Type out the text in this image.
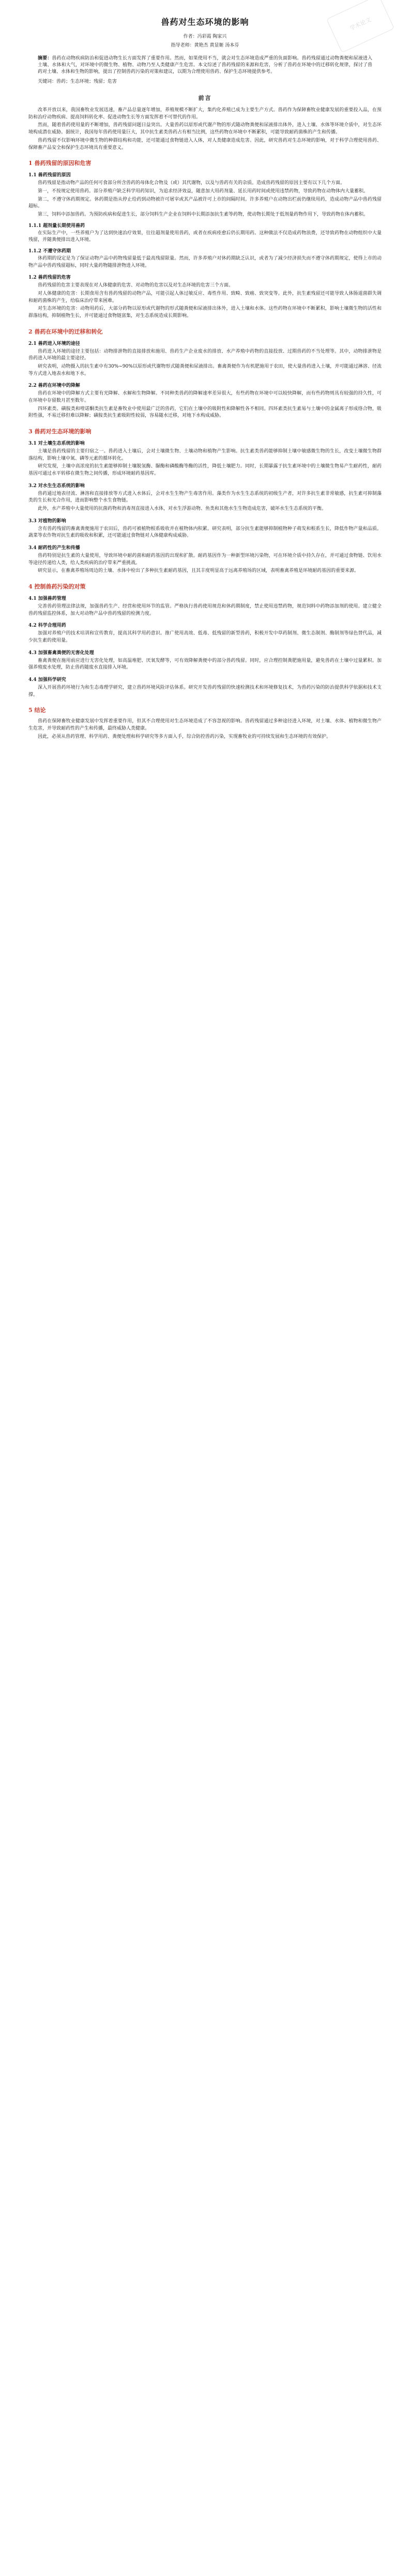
学术论文
兽药对生态环境的影响
作者：冯彩霞 陶家兴
指导老师：黄艳杰 黄显姬 汤本芬
摘要：兽药在动物疾病防治和促进动物生长方面发挥了重要作用。然而，如果使用不当，就会对生态环境造成严重的负面影响。兽药残留通过动物粪便和尿液进入土壤、水体和大气，对环境中的微生物、植物、动物乃至人类健康产生危害。本文综述了兽药残留的来源和危害，分析了兽药在环境中的迁移转化规律，探讨了兽药对土壤、水体和生物的影响，提出了控制兽药污染的对策和建议，以期为合理使用兽药、保护生态环境提供参考。
关键词：兽药；生态环境；残留；危害
前言

改革开放以来，我国畜牧业发展迅速，畜产品总量逐年增加，养殖规模不断扩大，集约化养殖已成为主要生产方式。兽药作为保障畜牧业健康发展的重要投入品，在预防和治疗动物疾病、提高饲料转化率、促进动物生长等方面发挥着不可替代的作用。

然而，随着兽药使用量的不断增加，兽药残留问题日益突出。大量兽药以原形或代谢产物的形式随动物粪便和尿液排出体外，进入土壤、水体等环境介质中，对生态环境构成潜在威胁。据统计，我国每年兽药使用量巨大，其中抗生素类兽药占有相当比例，这些药物在环境中不断累积，可能导致耐药菌株的产生和传播。

兽药残留不仅影响环境中微生物的种群结构和功能，还可能通过食物链进入人体，对人类健康造成危害。因此，研究兽药对生态环境的影响，对于科学合理使用兽药、保障畜产品安全和保护生态环境具有重要意义。

1 兽药残留的原因和危害
1.1 兽药残留的原因

兽药残留是指动物产品的任何可食部分所含兽药的母体化合物及（或）其代谢物，以及与兽药有关的杂质。造成兽药残留的原因主要有以下几个方面。

第一，不按规定使用兽药。部分养殖户缺乏科学用药知识，为追求经济效益，随意加大用药剂量、延长用药时间或使用违禁药物，导致药物在动物体内大量蓄积。

第二，不遵守休药期规定。休药期是指从停止给药到动物被许可屠宰或其产品被许可上市的间隔时间。许多养殖户在动物出栏前仍继续用药，造成动物产品中兽药残留超标。

第三，饲料中添加兽药。为预防疾病和促进生长，部分饲料生产企业在饲料中长期添加抗生素等药物，使动物长期处于低剂量药物作用下，导致药物在体内蓄积。

1.1.1 超剂量长期使用兽药

在实际生产中，一些养殖户为了达到快速治疗效果，往往超剂量使用兽药，或者在疾病痊愈后仍长期用药。这种做法不仅造成药物浪费，还导致药物在动物组织中大量残留，并随粪便排出进入环境。

1.1.2 不遵守休药期

休药期的设定是为了保证动物产品中药物残留量低于最高残留限量。然而，许多养殖户对休药期缺乏认识，或者为了减少经济损失而不遵守休药期规定，使得上市的动物产品中兽药残留超标，同时大量药物随排泄物进入环境。

1.2 兽药残留的危害

兽药残留的危害主要表现在对人体健康的危害、对动物的危害以及对生态环境的危害三个方面。

对人体健康的危害：长期食用含有兽药残留的动物产品，可能引起人体过敏反应、毒性作用、致畸、致癌、致突变等。此外，抗生素残留还可能导致人体肠道菌群失调和耐药菌株的产生，给临床治疗带来困难。

对生态环境的危害：动物用药后，大部分药物以原形或代谢物的形式随粪便和尿液排出体外，进入土壤和水体。这些药物在环境中不断累积，影响土壤微生物的活性和群落结构，抑制植物生长，并可能通过食物链富集，对生态系统造成长期影响。

2 兽药在环境中的迁移和转化
2.1 兽药进入环境的途径

兽药进入环境的途径主要包括：动物排泄物的直接排放和施用、兽药生产企业废水的排放、水产养殖中药物的直接投放、过期兽药的不当处理等。其中，动物排泄物是兽药进入环境的最主要途径。

研究表明，动物摄入的抗生素中有30%~90%以原形或代谢物形式随粪便和尿液排出。畜禽粪便作为有机肥施用于农田，使大量兽药进入土壤，并可能通过淋溶、径流等方式进入地表水和地下水。

2.2 兽药在环境中的降解

兽药在环境中的降解方式主要有光降解、水解和生物降解。不同种类兽药的降解速率差异很大，有些药物在环境中可以较快降解，而有些药物则具有较强的持久性，可在环境中存留数月甚至数年。

四环素类、磺胺类和喹诺酮类抗生素是畜牧业中使用最广泛的兽药，它们在土壤中的吸附性和降解性各不相同。四环素类抗生素易与土壤中的金属离子形成络合物，吸附性强，不易迁移但难以降解；磺胺类抗生素吸附性较弱，容易随水迁移，对地下水构成威胁。

3 兽药对生态环境的影响
3.1 对土壤生态系统的影响

土壤是兽药残留的主要归宿之一。兽药进入土壤后，会对土壤微生物、土壤动物和植物产生影响。抗生素类兽药能够抑制土壤中敏感微生物的生长，改变土壤微生物群落结构，影响土壤中氮、磷等元素的循环转化。

研究发现，土壤中高浓度的抗生素能够抑制土壤脱氢酶、脲酶和磷酸酶等酶的活性，降低土壤肥力。同时，长期暴露于抗生素环境中的土壤微生物易产生耐药性，耐药基因可通过水平转移在微生物之间传播，形成环境耐药基因库。

3.2 对水生生态系统的影响

兽药通过地表径流、淋溶和直接排放等方式进入水体后，会对水生生物产生毒害作用。藻类作为水生生态系统的初级生产者，对许多抗生素非常敏感，抗生素可抑制藻类的生长和光合作用，进而影响整个水生食物链。

此外，水产养殖中大量使用的抗菌药物和消毒剂直接进入水体，对水生浮游动物、鱼类和其他水生生物造成危害，破坏水生生态系统的平衡。

3.3 对植物的影响

含有兽药残留的畜禽粪便施用于农田后，兽药可被植物根系吸收并在植物体内积累。研究表明，部分抗生素能够抑制植物种子萌发和根系生长，降低作物产量和品质。蔬菜等农作物对抗生素的吸收和积累，还可能通过食物链对人体健康构成威胁。

3.4 耐药性的产生和传播

兽药特别是抗生素的大量使用，导致环境中耐药菌和耐药基因的出现和扩散。耐药基因作为一种新型环境污染物，可在环境介质中持久存在，并可通过食物链、饮用水等途径传递给人类，给人类疾病的治疗带来严重挑战。

研究显示，在畜禽养殖场周边的土壤、水体中检出了多种抗生素耐药基因，且其丰度明显高于远离养殖场的区域，表明畜禽养殖是环境耐药基因的重要来源。

4 控制兽药污染的对策
4.1 加强兽药管理

完善兽药管理法律法规，加强兽药生产、经营和使用环节的监管。严格执行兽药使用规范和休药期制度，禁止使用违禁药物，规范饲料中药物添加剂的使用。建立健全兽药残留监控体系，加大对动物产品中兽药残留的检测力度。

4.2 科学合理用药

加强对养殖户的技术培训和宣传教育，提高其科学用药意识。推广使用高效、低毒、低残留的新型兽药，积极开发中草药制剂、微生态制剂、酶制剂等绿色替代品，减少抗生素的使用量。

4.3 加强畜禽粪便的无害化处理

畜禽粪便在施用前应进行无害化处理，如高温堆肥、厌氧发酵等，可有效降解粪便中的部分兽药残留。同时，应合理控制粪肥施用量，避免兽药在土壤中过量累积。加强养殖废水处理，防止兽药随废水直接排入环境。

4.4 加强科学研究

深入开展兽药环境行为和生态毒理学研究，建立兽药环境风险评估体系。研究开发兽药残留的快速检测技术和环境修复技术，为兽药污染的防治提供科学依据和技术支撑。

5 结论

兽药在保障畜牧业健康发展中发挥着重要作用，但其不合理使用对生态环境造成了不容忽视的影响。兽药残留通过多种途径进入环境，对土壤、水体、植物和微生物产生危害，并导致耐药性的产生和传播，最终威胁人类健康。

因此，必须从兽药管理、科学用药、粪便处理和科学研究等多方面入手，综合防控兽药污染，实现畜牧业的可持续发展和生态环境的有效保护。
